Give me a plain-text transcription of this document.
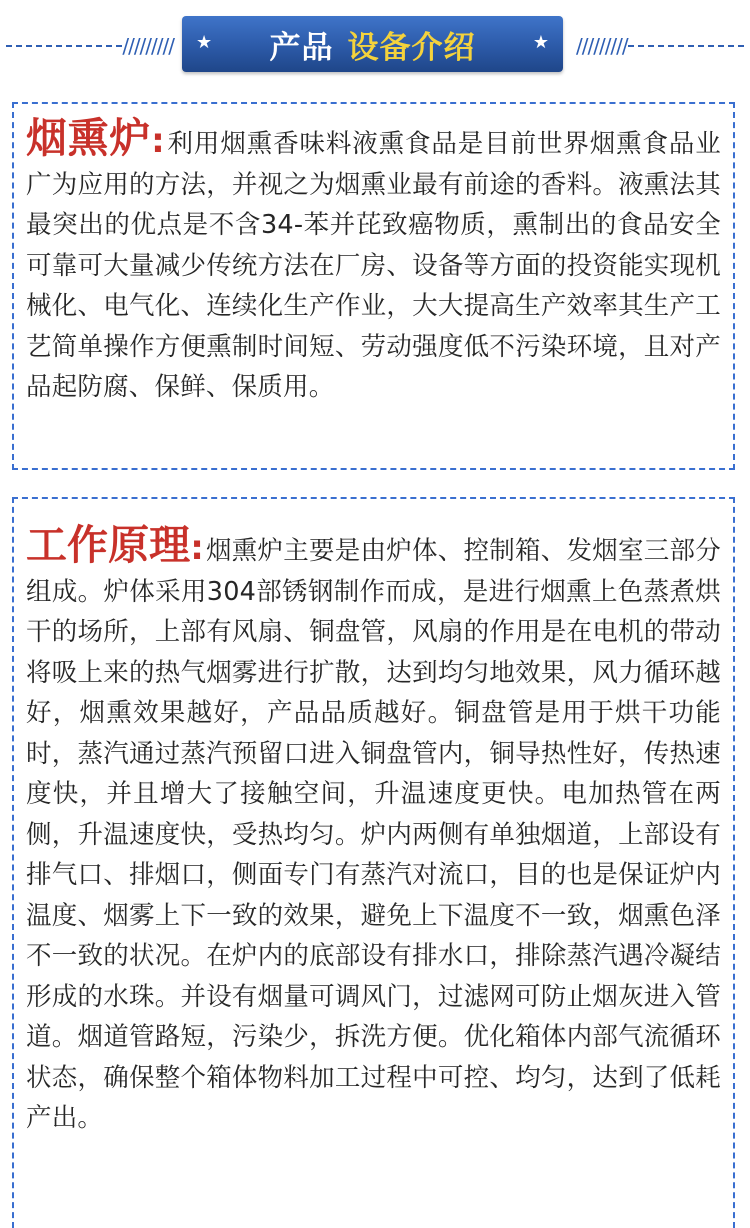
///////// ★ 产品 设备介绍	★ /////////

烟熏炉:利用烟熏香味料液熏食品是目前世界烟熏食品业广为应用的方法，并视之为烟熏业最有前途的香料。液熏法其最突出的优点是不含34-苯并芘致癌物质，熏制出的食品安全可靠可大量减少传统方法在厂房、设备等方面的投资能实现机械化、电气化、连续化生产作业，大大提高生产效率其生产工艺简单操作方便熏制时间短、劳动强度低不污染环境，且对产品起防腐、保鲜、保质用。

工作原理:烟熏炉主要是由炉体、控制箱、发烟室三部分组成。炉体采用304部锈钢制作而成，是进行烟熏上色蒸煮烘干的场所，上部有风扇、铜盘管，风扇的作用是在电机的带动将吸上来的热气烟雾进行扩散，达到均匀地效果，风力循环越好，烟熏效果越好，产品品质越好。铜盘管是用于烘干功能时，蒸汽通过蒸汽预留口进入铜盘管内，铜导热性好，传热速度快，并且增大了接触空间，升温速度更快。电加热管在两侧，升温速度快，受热均匀。炉内两侧有单独烟道，上部设有排气口、排烟口，侧面专门有蒸汽对流口，目的也是保证炉内温度、烟雾上下一致的效果，避免上下温度不一致，烟熏色泽不一致的状况。在炉内的底部设有排水口，排除蒸汽遇冷凝结形成的水珠。并设有烟量可调风门，过滤网可防止烟灰进入管道。烟道管路短，污染少，拆洗方便。优化箱体内部气流循环状态，确保整个箱体物料加工过程中可控、均匀，达到了低耗产出。
